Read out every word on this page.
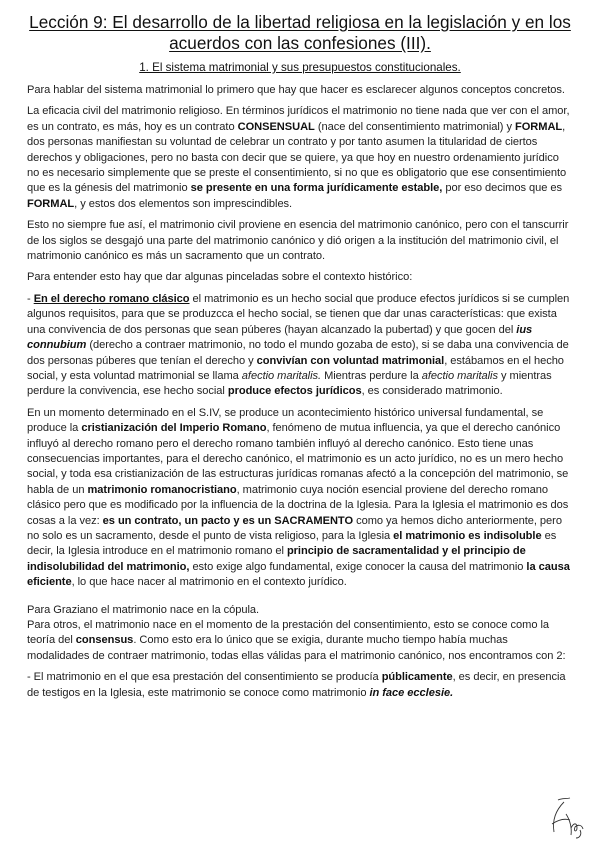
Lección 9: El desarrollo de la libertad religiosa en la legislación y en los acuerdos con las confesiones (III).
1. El sistema matrimonial y sus presupuestos constitucionales.

Para hablar del sistema matrimonial lo primero que hay que hacer es esclarecer algunos conceptos concretos.

La eficacia civil del matrimonio religioso. En términos jurídicos el matrimonio no tiene nada que ver con el amor, es un contrato, es más, hoy es un contrato CONSENSUAL (nace del consentimiento matrimonial) y FORMAL, dos personas manifiestan su voluntad de celebrar un contrato y por tanto asumen la titularidad de ciertos derechos y obligaciones, pero no basta con decir que se quiere, ya que hoy en nuestro ordenamiento jurídico no es necesario simplemente que se preste el consentimiento, si no que es obligatorio que ese consentimiento que es la génesis del matrimonio se presente en una forma jurídicamente estable, por eso decimos que es FORMAL, y estos dos elementos son imprescindibles.

Esto no siempre fue así, el matrimonio civil proviene en esencia del matrimonio canónico, pero con el tanscurrir de los siglos se desgajó una parte del matrimonio canónico y dió origen a la institución del matrimonio civil, el matrimonio canónico es más un sacramento que un contrato.

Para entender esto hay que dar algunas pinceladas sobre el contexto histórico:

- En el derecho romano clásico el matrimonio es un hecho social que produce efectos jurídicos si se cumplen algunos requisitos, para que se produzcca el hecho social, se tienen que dar unas características: que exista una convivencia de dos personas que sean púberes (hayan alcanzado la pubertad) y que gocen del ius connubium (derecho a contraer matrimonio, no todo el mundo gozaba de esto), si se daba una convivencia de dos personas púberes que tenían el derecho y convivían con voluntad matrimonial, estábamos en el hecho social, y esta voluntad matrimonial se llama afectio maritalis. Mientras perdure la afectio maritalis y mientras perdure la convivencia, ese hecho social produce efectos jurídicos, es considerado matrimonio.

En un momento determinado en el S.IV, se produce un acontecimiento histórico universal fundamental, se produce la cristianización del Imperio Romano, fenómeno de mutua influencia, ya que el derecho canónico influyó al derecho romano pero el derecho romano también influyó al derecho canónico. Esto tiene unas consecuencias importantes, para el derecho canónico, el matrimonio es un acto jurídico, no es un mero hecho social, y toda esa cristianización de las estructuras jurídicas romanas afectó a la concepción del matrimonio, se habla de un matrimonio romanocristiano, matrimonio cuya noción esencial proviene del derecho romano clásico pero que es modificado por la influencia de la doctrina de la Iglesia. Para la Iglesia el matrimonio es dos cosas a la vez: es un contrato, un pacto y es un SACRAMENTO como ya hemos dicho anteriormente, pero no solo es un sacramento, desde el punto de vista religioso, para la Iglesia el matrimonio es indisoluble es decir, la Iglesia introduce en el matrimonio romano el principio de sacramentalidad y el principio de indisolubilidad del matrimonio, esto exige algo fundamental, exige conocer la causa del matrimonio la causa eficiente, lo que hace nacer al matrimonio en el contexto jurídico.

Para Graziano el matrimonio nace en la cópula.

Para otros, el matrimonio nace en el momento de la prestación del consentimiento, esto se conoce como la teoría del consensus. Como esto era lo único que se exigia, durante mucho tiempo había muchas modalidades de contraer matrimonio, todas ellas válidas para el matrimonio canónico, nos encontramos con 2:

- El matrimonio en el que esa prestación del consentimiento se producía públicamente, es decir, en presencia de testigos en la Iglesia, este matrimonio se conoce como matrimonio in face ecclesie.
